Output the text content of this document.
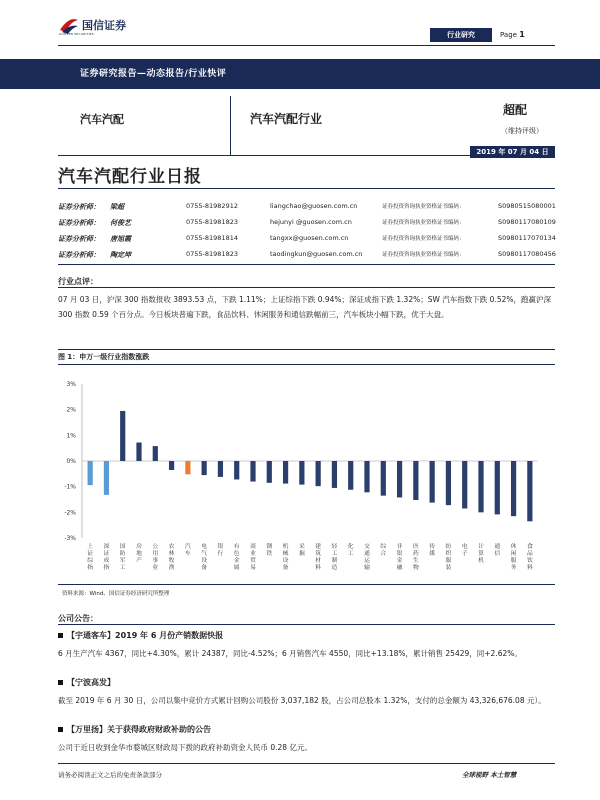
国信证券
GUOSEN SECURITIES	行业研究	Page 1
证券研究报告—动态报告/行业快评
汽车汽配	汽车汽配行业
超配
（维持评级）
2019 年 07 月 04 日
汽车汽配行业日报
证券分析师： 梁超	0755-81982912	liangchao@guosen.com.cn	证券投资咨询执业资格证书编码：	S0980515080001
证券分析师： 何俊艺	0755-81981823	hejunyi @guosen.com.cn	证券投资咨询执业资格证书编码：	S0980117080109
证券分析师： 唐旭霞	0755-81981814	tangxx@guosen.com.cn	证券投资咨询执业资格证书编码：	S0980117070134
证券分析师： 陶定坤	0755-81981823	taodingkun@guosen.com.cn	证券投资咨询执业资格证书编码：	S0980117080456
行业点评：
07 月 03 日，沪深 300 指数报收 3893.53 点，下跌 1.11%；上证综指下跌 0.94%；深证成指下跌 1.32%；SW 汽车指数下跌 0.52%，跑赢沪深 300 指数 0.59 个百分点。今日板块普遍下跌，食品饮料、休闲服务和通信跌幅前三，汽车板块小幅下跌，优于大盘。
图 1：申万一级行业指数涨跌
3%
2%
1%
0%
-1%
-2%
-3%
上证综指
深证成指
国防军工
房地产
公用事业
农林牧渔
汽车
电气设备
银行
有色金属
商业贸易
钢铁
机械设备
采掘
建筑材料
轻工制造
化工
交通运输
综合
非银金融
医药生物
传媒
纺织服装
电子
计算机
通信
休闲服务
食品饮料
资料来源：Wind、国信证券经济研究所整理
公司公告：
【宇通客车】2019 年 6 月份产销数据快报
6 月生产汽车 4367，同比+4.30%，累计 24387，同比-4.52%；6 月销售汽车 4550，同比+13.18%，累计销售 25429，同+2.62%。
【宁波高发】
截至 2019 年 6 月 30 日，公司以集中竞价方式累计回购公司股份 3,037,182 股，占公司总股本 1.32%，支付的总金额为 43,326,676.08 元）。
【万里扬】关于获得政府财政补助的公告
公司于近日收到金华市婺城区财政局下拨的政府补助资金人民币 0.28 亿元。
请务必阅读正文之后的免责条款部分	全球视野 本土智慧
